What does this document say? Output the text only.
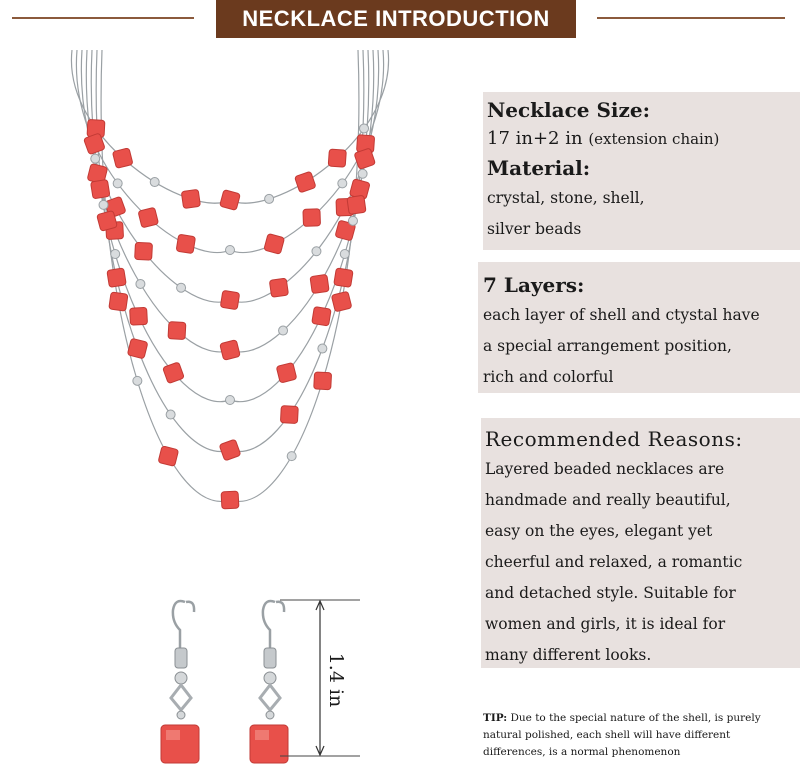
NECKLACE INTRODUCTION
1.4 in
Necklace Size:
17 in+2 in (extension chain)
Material:
crystal, stone, shell,
silver beads
7 Layers:
each layer of shell and ctystal have
a special arrangement position,
rich and colorful
Recommended Reasons:
Layered beaded necklaces are
handmade and really beautiful,
easy on the eyes, elegant yet
cheerful and relaxed, a romantic
and detached style. Suitable for
women and girls, it is ideal for
many different looks.
TIP: Due to the special nature of the shell, is purely natural polished, each shell will have different differences, is a normal phenomenon
